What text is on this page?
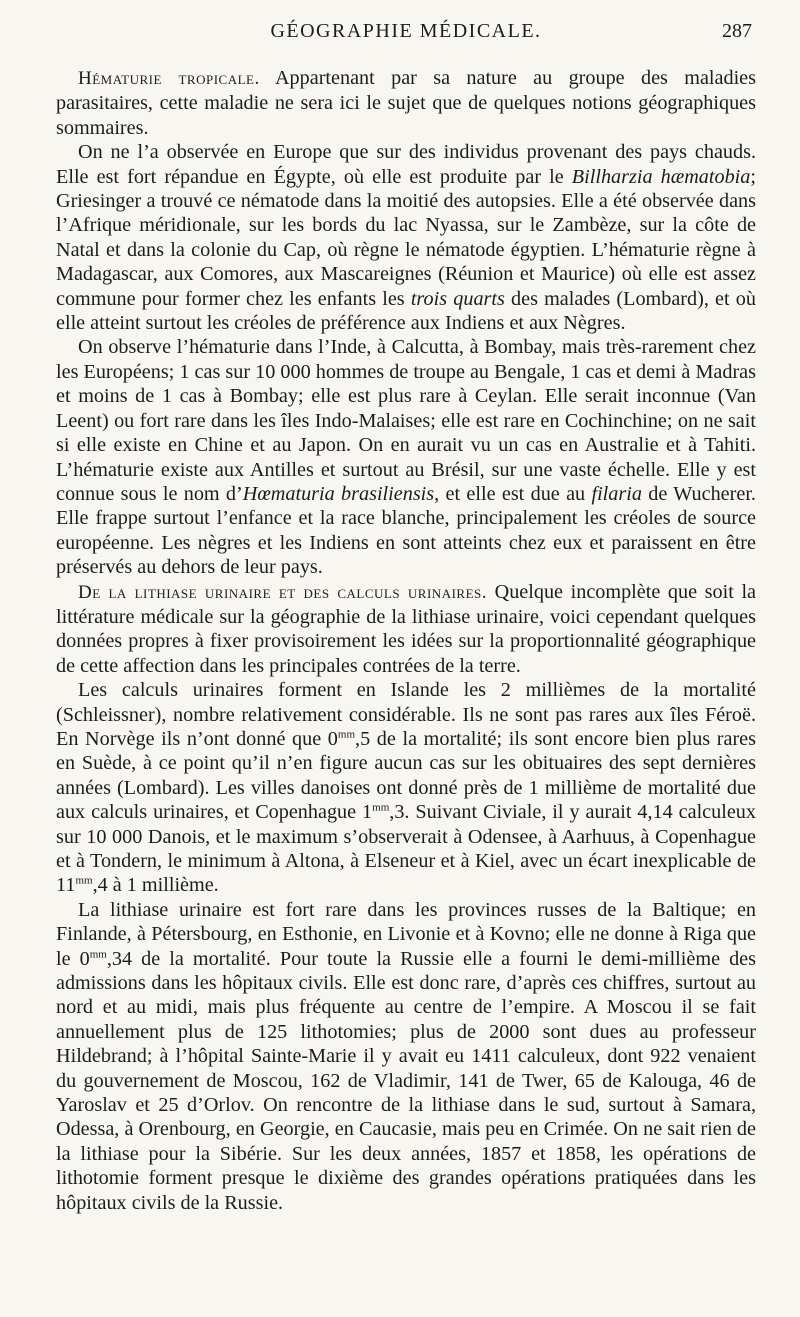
GÉOGRAPHIE MÉDICALE.	287

Hématurie tropicale. Appartenant par sa nature au groupe des maladies parasitaires, cette maladie ne sera ici le sujet que de quelques notions géographiques sommaires.

On ne l’a observée en Europe que sur des individus provenant des pays chauds. Elle est fort répandue en Égypte, où elle est produite par le Billharzia hæmatobia; Griesinger a trouvé ce nématode dans la moitié des autopsies. Elle a été observée dans l’Afrique méridionale, sur les bords du lac Nyassa, sur le Zambèze, sur la côte de Natal et dans la colonie du Cap, où règne le nématode égyptien. L’hématurie règne à Madagascar, aux Comores, aux Mascareignes (Réunion et Maurice) où elle est assez commune pour former chez les enfants les trois quarts des malades (Lombard), et où elle atteint surtout les créoles de préférence aux Indiens et aux Nègres.

On observe l’hématurie dans l’Inde, à Calcutta, à Bombay, mais très-rarement chez les Européens; 1 cas sur 10 000 hommes de troupe au Bengale, 1 cas et demi à Madras et moins de 1 cas à Bombay; elle est plus rare à Ceylan. Elle serait inconnue (Van Leent) ou fort rare dans les îles Indo-Malaises; elle est rare en Cochinchine; on ne sait si elle existe en Chine et au Japon. On en aurait vu un cas en Australie et à Tahiti. L’hématurie existe aux Antilles et surtout au Brésil, sur une vaste échelle. Elle y est connue sous le nom d’Hœmaturia brasiliensis, et elle est due au filaria de Wucherer. Elle frappe surtout l’enfance et la race blanche, principalement les créoles de source européenne. Les nègres et les Indiens en sont atteints chez eux et paraissent en être préservés au dehors de leur pays.

De la lithiase urinaire et des calculs urinaires. Quelque incomplète que soit la littérature médicale sur la géographie de la lithiase urinaire, voici cependant quelques données propres à fixer provisoirement les idées sur la proportionnalité géographique de cette affection dans les principales contrées de la terre.

Les calculs urinaires forment en Islande les 2 millièmes de la mortalité (Schleissner), nombre relativement considérable. Ils ne sont pas rares aux îles Féroë. En Norvège ils n’ont donné que $0^{mm},5$ de la mortalité; ils sont encore bien plus rares en Suède, à ce point qu’il n’en figure aucun cas sur les obituaires des sept dernières années (Lombard). Les villes danoises ont donné près de 1 millième de mortalité due aux calculs urinaires, et Copenhague $1^{mm},3$. Suivant Civiale, il y aurait 4,14 calculeux sur 10 000 Danois, et le maximum s’observerait à Odensee, à Aarhuus, à Copenhague et à Tondern, le minimum à Altona, à Elseneur et à Kiel, avec un écart inexplicable de $11^{mm},4$ à 1 millième.

La lithiase urinaire est fort rare dans les provinces russes de la Baltique; en Finlande, à Pétersbourg, en Esthonie, en Livonie et à Kovno; elle ne donne à Riga que le $0^{mm},34$ de la mortalité. Pour toute la Russie elle a fourni le demi-millième des admissions dans les hôpitaux civils. Elle est donc rare, d’après ces chiffres, surtout au nord et au midi, mais plus fréquente au centre de l’empire. A Moscou il se fait annuellement plus de 125 lithotomies; plus de 2000 sont dues au professeur Hildebrand; à l’hôpital Sainte-Marie il y avait eu 1411 calculeux, dont 922 venaient du gouvernement de Moscou, 162 de Vladimir, 141 de Twer, 65 de Kalouga, 46 de Yaroslav et 25 d’Orlov. On rencontre de la lithiase dans le sud, surtout à Samara, Odessa, à Orenbourg, en Georgie, en Caucasie, mais peu en Crimée. On ne sait rien de la lithiase pour la Sibérie. Sur les deux années, 1857 et 1858, les opérations de lithotomie forment presque le dixième des grandes opérations pratiquées dans les hôpitaux civils de la Russie.
